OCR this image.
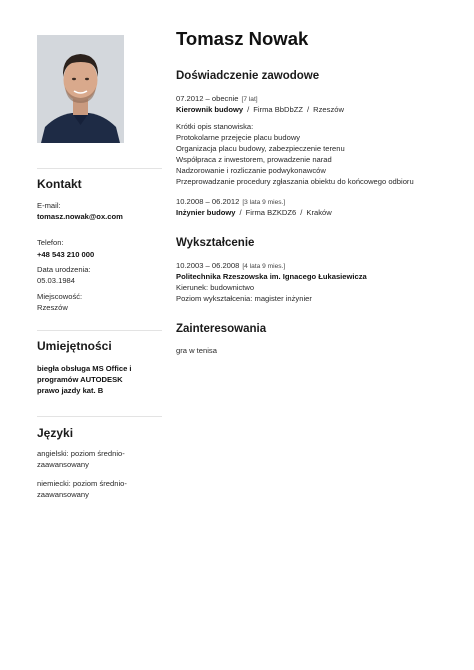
Kontakt
E-mail:
tomasz.nowak@ox.com
Telefon:
+48 543 210 000
Data urodzenia:
05.03.1984
Miejscowość:
Rzeszów
Umiejętności
biegła obsługa MS Office i
programów AUTODESK
prawo jazdy kat. B
Języki
angielski: poziom średnio-
zaawansowany
niemiecki: poziom średnio-
zaawansowany
Tomasz Nowak
Doświadczenie zawodowe
07.2012 – obecnie [7 lat]
Kierownik budowy / Firma BbDbZZ / Rzeszów
Krótki opis stanowiska:
Protokolarne przejęcie placu budowy
Organizacja placu budowy, zabezpieczenie terenu
Współpraca z inwestorem, prowadzenie narad
Nadzorowanie i rozliczanie podwykonawców
Przeprowadzanie procedury zgłaszania obiektu do końcowego odbioru
10.2008 – 06.2012 [3 lata 9 mies.]
Inżynier budowy / Firma BZKDZ6 / Kraków
Wykształcenie
10.2003 – 06.2008 [4 lata 9 mies.]
Politechnika Rzeszowska im. Ignacego Łukasiewicza
Kierunek: budownictwo
Poziom wykształcenia: magister inżynier
Zainteresowania
gra w tenisa
